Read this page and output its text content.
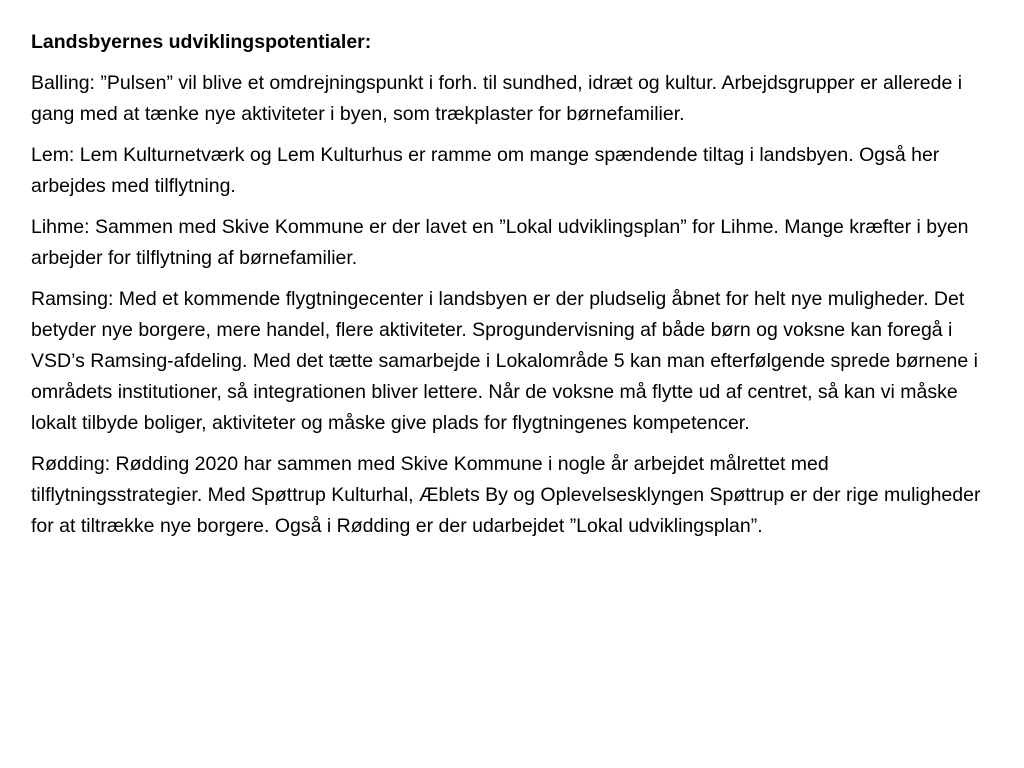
Landsbyernes udviklingspotentialer:

Balling: ”Pulsen” vil blive et omdrejningspunkt i forh. til sundhed, idræt og kultur. Arbejdsgrupper er allerede i gang med at tænke nye aktiviteter i byen, som trækplaster for børnefamilier.

Lem: Lem Kulturnetværk og Lem Kulturhus er ramme om mange spændende tiltag i landsbyen. Også her arbejdes med tilflytning.

Lihme: Sammen med Skive Kommune er der lavet en ”Lokal udviklingsplan” for Lihme. Mange kræfter i byen arbejder for tilflytning af børnefamilier.

Ramsing: Med et kommende flygtningecenter i landsbyen er der pludselig åbnet for helt nye muligheder. Det betyder nye borgere, mere handel, flere aktiviteter. Sprogundervisning af både børn og voksne kan foregå i VSD’s Ramsing-afdeling. Med det tætte samarbejde i Lokalområde 5 kan man efterfølgende sprede børnene i områdets institutioner, så integrationen bliver lettere. Når de voksne må flytte ud af centret, så kan vi måske lokalt tilbyde boliger, aktiviteter og måske give plads for flygtningenes kompetencer.

Rødding: Rødding 2020 har sammen med Skive Kommune i nogle år arbejdet målrettet med tilflytningsstrategier. Med Spøttrup Kulturhal, Æblets By og Oplevelsesklyngen Spøttrup er der rige muligheder for at tiltrække nye borgere. Også i Rødding er der udarbejdet ”Lokal udviklingsplan”.
